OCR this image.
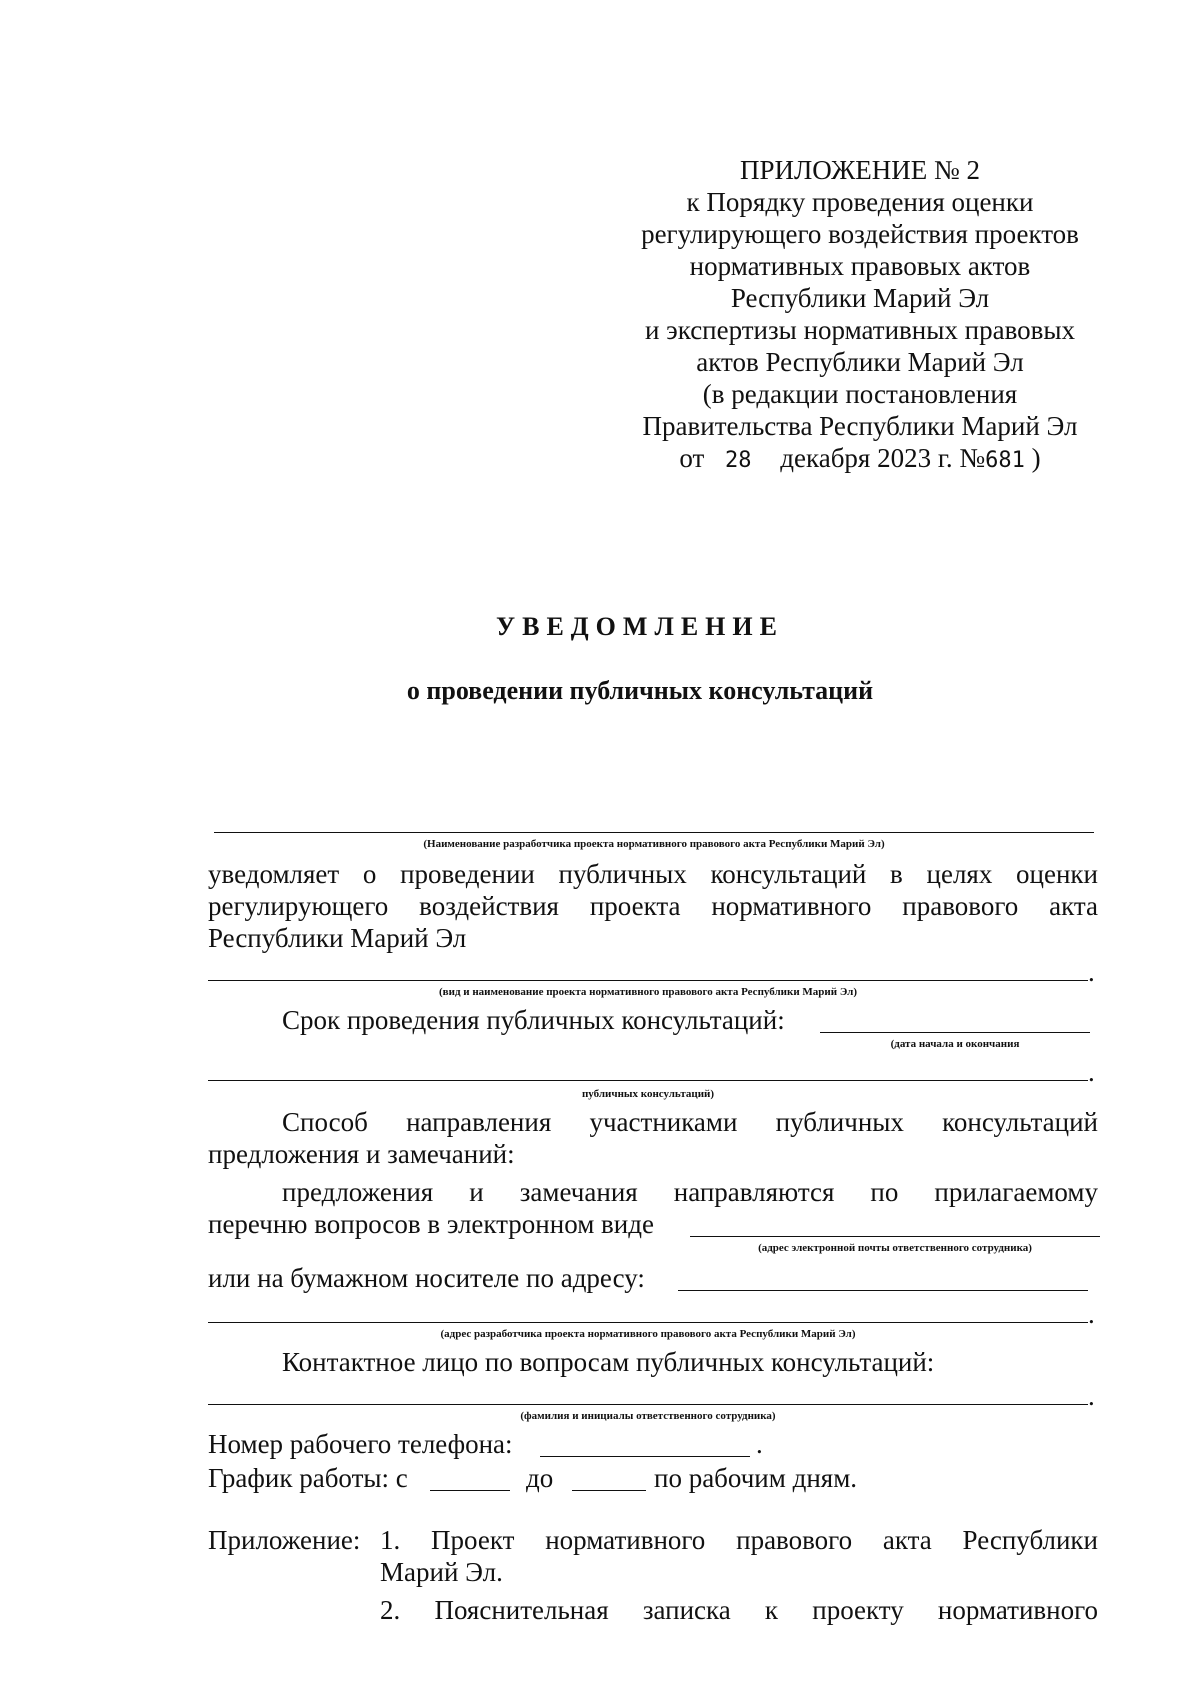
ПРИЛОЖЕНИЕ № 2
к Порядку проведения оценки
регулирующего воздействия проектов
нормативных правовых актов
Республики Марий Эл
и экспертизы нормативных правовых
актов Республики Марий Эл
(в редакции постановления
Правительства Республики Марий Эл
от 28 декабря 2023 г. №681 )
УВЕДОМЛЕНИЕ
о проведении публичных консультаций
(Наименование разработчика проекта нормативного правового акта Республики Марий Эл)
уведомляет о проведении публичных консультаций в целях оценки
регулирующего воздействия проекта нормативного правового акта
Республики Марий Эл
.
(вид и наименование проекта нормативного правового акта Республики Марий Эл)
Срок проведения публичных консультаций:
(дата начала и окончания
.
публичных консультаций)
Способ направления участниками публичных консультаций
предложения и замечаний:
предложения и замечания направляются по прилагаемому
перечню вопросов в электронном виде
(адрес электронной почты ответственного сотрудника)
или на бумажном носителе по адресу:
.
(адрес разработчика проекта нормативного правового акта Республики Марий Эл)
Контактное лицо по вопросам публичных консультаций:
.
(фамилия и инициалы ответственного сотрудника)
Номер рабочего телефона:	.
График работы: с	до	по рабочим дням.
Приложение: 1. Проект нормативного правового акта Республики
Марий Эл.
2. Пояснительная записка к проекту нормативного
